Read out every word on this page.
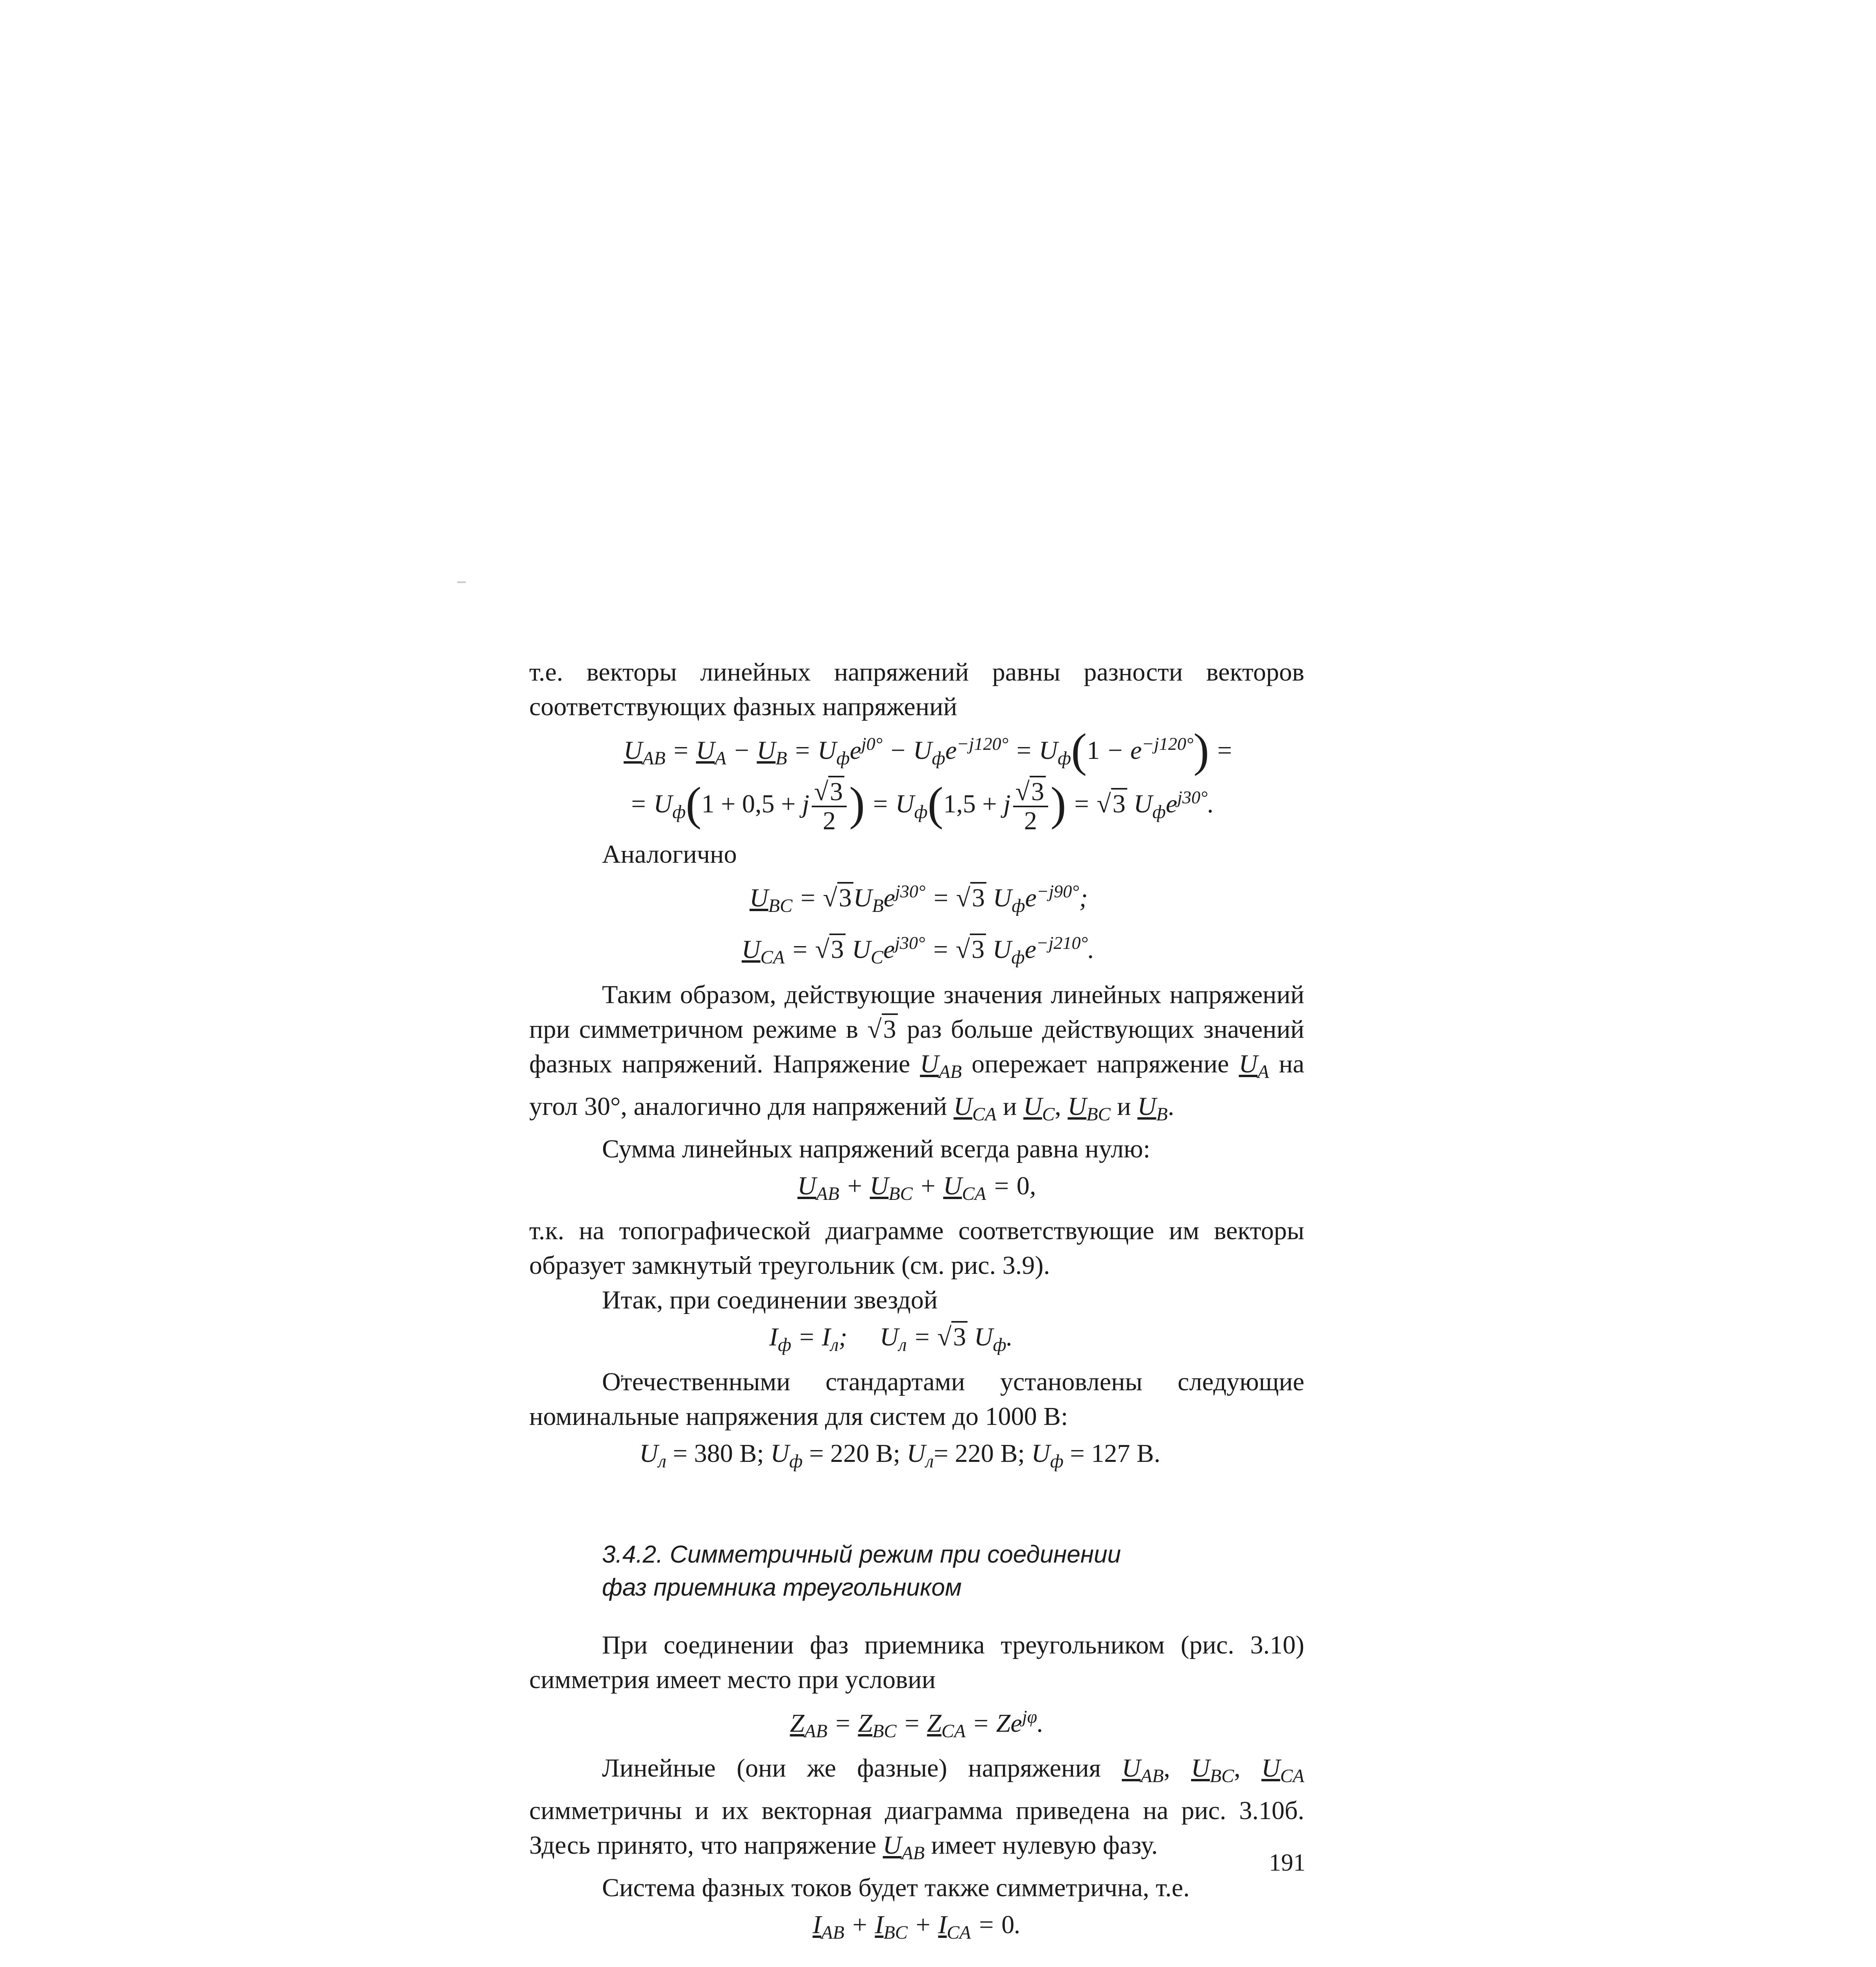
т.е. векторы линейных напряжений равны разности векторов соответствующих фазных напряжений

$U_{AB} = U_A - U_B = U_фe^{j0^\circ} - U_фe^{-j120^\circ} = U_ф(1 - e^{-j120^\circ})$ =
= $U_ф(1 + 0,5 + j \frac{√3}{2}$ ) = $U_ф(1,5 + j \frac{√3}{2}$ ) = √3 $U_фe^{j30^\circ}$.

Аналогично

$U_{BC} = √3U_Be^{j30^\circ} = √3$ $U_фe^{-j90^\circ}$;
$U_{CA} = √3$ $U_Ce^{j30^\circ} = √3$ $U_фe^{-j210^\circ}$.

Таким образом, действующие значения линейных напряжений при симметричном режиме в √3 раз больше действующих значений фазных напряжений. Напряжение $U_{AB}$ опережает напряжение $U_A$ на угол 30°, аналогично для напряжений $U_{CA}$ и $U_C$, $U_{BC}$ и $U_B$.

Сумма линейных напряжений всегда равна нулю:

$U_{AB} + U_{BC} + U_{CA} = 0$,

т.к. на топографической диаграмме соответствующие им векторы образует замкнутый треугольник (см. рис. 3.9).

Итак, при соединении звездой

$I_ф = I_л$;     $U_л = √3$ $U_ф$.

Отечественными стандартами установлены следующие номинальные напряжения для систем до 1000 В:

$U_л = 380$ В; $U_ф = 220$ В; $U_л= 220$ В; $U_ф = 127$ В.
3.4.2. Симметричный режим при соединении
фаз приемника треугольником

При соединении фаз приемника треугольником (рис. 3.10) симметрия имеет место при условии

$Z_{AB} = Z_{BC} = Z_{CA} = Ze^{j\varphi}$.

Линейные (они же фазные) напряжения $U_{AB}$, $U_{BC}$, $U_{CA}$ симметричны и их векторная диаграмма приведена на рис. 3.10б. Здесь принято, что напряжение $U_{AB}$ имеет нулевую фазу.

Система фазных токов будет также симметрична, т.е.

$I_{AB} + I_{BC} + I_{CA} = 0$.
191
